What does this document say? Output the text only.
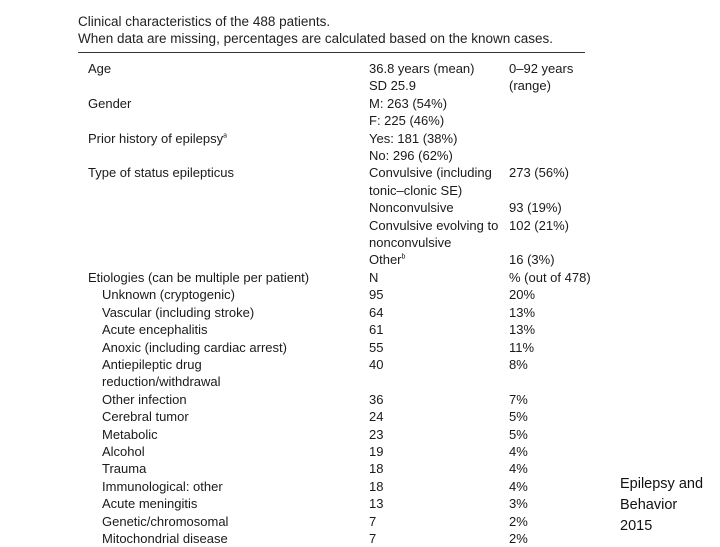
Clinical characteristics of the 488 patients.
When data are missing, percentages are calculated based on the known cases.
Age	36.8 years (mean)	0–92 years
	SD 25.9	(range)
Gender	M: 263 (54%)	
	F: 225 (46%)	
Prior history of epilepsy$^a$	Yes: 181 (38%)	
	No: 296 (62%)	
Type of status epilepticus	Convulsive (including	273 (56%)
	tonic–clonic SE)	
	Nonconvulsive	93 (19%)
	Convulsive evolving to	102 (21%)
	nonconvulsive	
	Other$^b$	16 (3%)
Etiologies (can be multiple per patient)	N	% (out of 478)
Unknown (cryptogenic)	95	20%
Vascular (including stroke)	64	13%
Acute encephalitis	61	13%
Anoxic (including cardiac arrest)	55	11%
Antiepileptic drug	40	8%
reduction/withdrawal		
Other infection	36	7%
Cerebral tumor	24	5%
Metabolic	23	5%
Alcohol	19	4%
Trauma	18	4%
Immunological: other	18	4%
Acute meningitis	13	3%
Genetic/chromosomal	7	2%
Mitochondrial disease	7	2%
Epilepsy and
Behavior
2015
